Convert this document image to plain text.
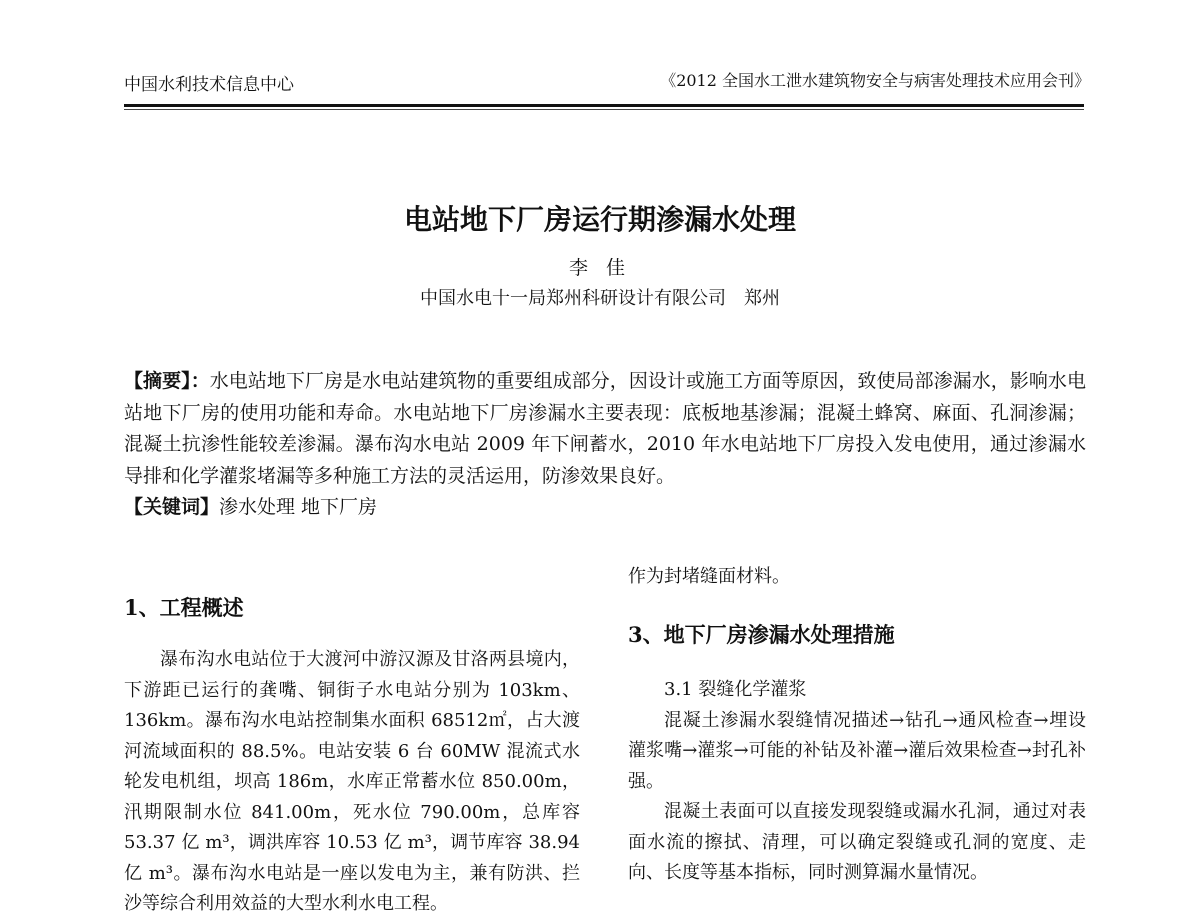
中国水利技术信息中心	《2012 全国水工泄水建筑物安全与病害处理技术应用会刊》
电站地下厂房运行期渗漏水处理
李 佳
中国水电十一局郑州科研设计有限公司　郑州

【摘要】：水电站地下厂房是水电站建筑物的重要组成部分，因设计或施工方面等原因，致使局部渗漏水，影响水电站地下厂房的使用功能和寿命。水电站地下厂房渗漏水主要表现：底板地基渗漏；混凝土蜂窝、麻面、孔洞渗漏；混凝土抗渗性能较差渗漏。瀑布沟水电站 2009 年下闸蓄水，2010 年水电站地下厂房投入发电使用，通过渗漏水导排和化学灌浆堵漏等多种施工方法的灵活运用，防渗效果良好。

【关键词】渗水处理 地下厂房

1、工程概述

瀑布沟水电站位于大渡河中游汉源及甘洛两县境内，下游距已运行的龚嘴、铜街子水电站分别为 103km、136km。瀑布沟水电站控制集水面积 68512㎡，占大渡河流域面积的 88.5%。电站安装 6 台 60MW 混流式水轮发电机组，坝高 186m，水库正常蓄水位 850.00m，汛期限制水位 841.00m，死水位 790.00m，总库容 53.37 亿 m³，调洪库容 10.53 亿 m³，调节库容 38.94 亿 m³。瀑布沟水电站是一座以发电为主，兼有防洪、拦沙等综合利用效益的大型水利水电工程。

作为封堵缝面材料。
3、地下厂房渗漏水处理措施

3.1 裂缝化学灌浆

混凝土渗漏水裂缝情况描述→钻孔→通风检查→埋设灌浆嘴→灌浆→可能的补钻及补灌→灌后效果检查→封孔补强。

混凝土表面可以直接发现裂缝或漏水孔洞，通过对表面水流的擦拭、清理，可以确定裂缝或孔洞的宽度、走向、长度等基本指标，同时测算漏水量情况。
